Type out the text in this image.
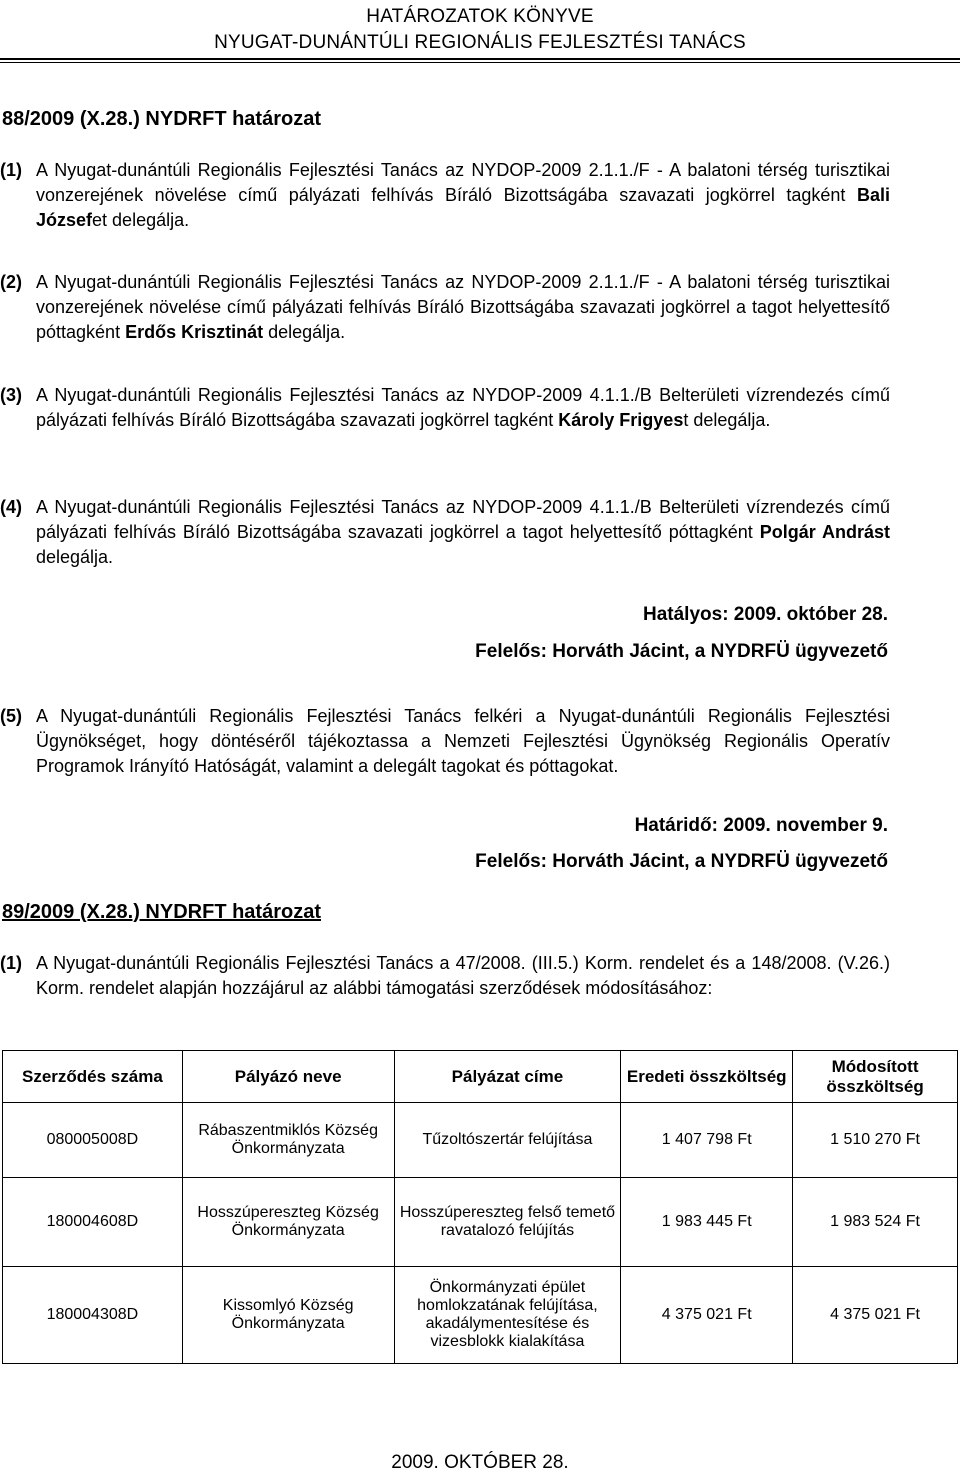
HATÁROZATOK KÖNYVE
NYUGAT-DUNÁNTÚLI REGIONÁLIS FEJLESZTÉSI TANÁCS
88/2009 (X.28.) NYDRFT határozat
(1) A Nyugat-dunántúli Regionális Fejlesztési Tanács az NYDOP-2009 2.1.1./F - A balatoni térség turisztikai vonzerejének növelése című pályázati felhívás Bíráló Bizottságába szavazati jogkörrel tagként Bali Józsefet delegálja.
(2) A Nyugat-dunántúli Regionális Fejlesztési Tanács az NYDOP-2009 2.1.1./F - A balatoni térség turisztikai vonzerejének növelése című pályázati felhívás Bíráló Bizottságába szavazati jogkörrel a tagot helyettesítő póttagként Erdős Krisztinát delegálja.
(3) A Nyugat-dunántúli Regionális Fejlesztési Tanács az NYDOP-2009 4.1.1./B Belterületi vízrendezés című pályázati felhívás Bíráló Bizottságába szavazati jogkörrel tagként Károly Frigyest delegálja.
(4) A Nyugat-dunántúli Regionális Fejlesztési Tanács az NYDOP-2009 4.1.1./B Belterületi vízrendezés című pályázati felhívás Bíráló Bizottságába szavazati jogkörrel a tagot helyettesítő póttagként Polgár Andrást delegálja.
Hatályos: 2009. október 28.
Felelős: Horváth Jácint, a NYDRFÜ ügyvezető
(5) A Nyugat-dunántúli Regionális Fejlesztési Tanács felkéri a Nyugat-dunántúli Regionális Fejlesztési Ügynökséget, hogy döntéséről tájékoztassa a Nemzeti Fejlesztési Ügynökség Regionális Operatív Programok Irányító Hatóságát, valamint a delegált tagokat és póttagokat.
Határidő: 2009. november 9.
Felelős: Horváth Jácint, a NYDRFÜ ügyvezető
89/2009 (X.28.) NYDRFT határozat
(1) A Nyugat-dunántúli Regionális Fejlesztési Tanács a 47/2008. (III.5.) Korm. rendelet és a 148/2008. (V.26.) Korm. rendelet alapján hozzájárul az alábbi támogatási szerződések módosításához:
Szerződés száma	Pályázó neve	Pályázat címe	Eredeti összköltség	Módosított összköltség
080005008D	Rábaszentmiklós Község Önkormányzata	Tűzoltószertár felújítása	1 407 798 Ft	1 510 270 Ft
180004608D	Hosszúpereszteg Község Önkormányzata	Hosszúpereszteg felső temető ravatalozó felújítás	1 983 445 Ft	1 983 524 Ft
180004308D	Kissomlyó Község Önkormányzata	Önkormányzati épület homlokzatának felújítása, akadálymentesítése és vizesblokk kialakítása	4 375 021 Ft	4 375 021 Ft
2009. OKTÓBER 28.
